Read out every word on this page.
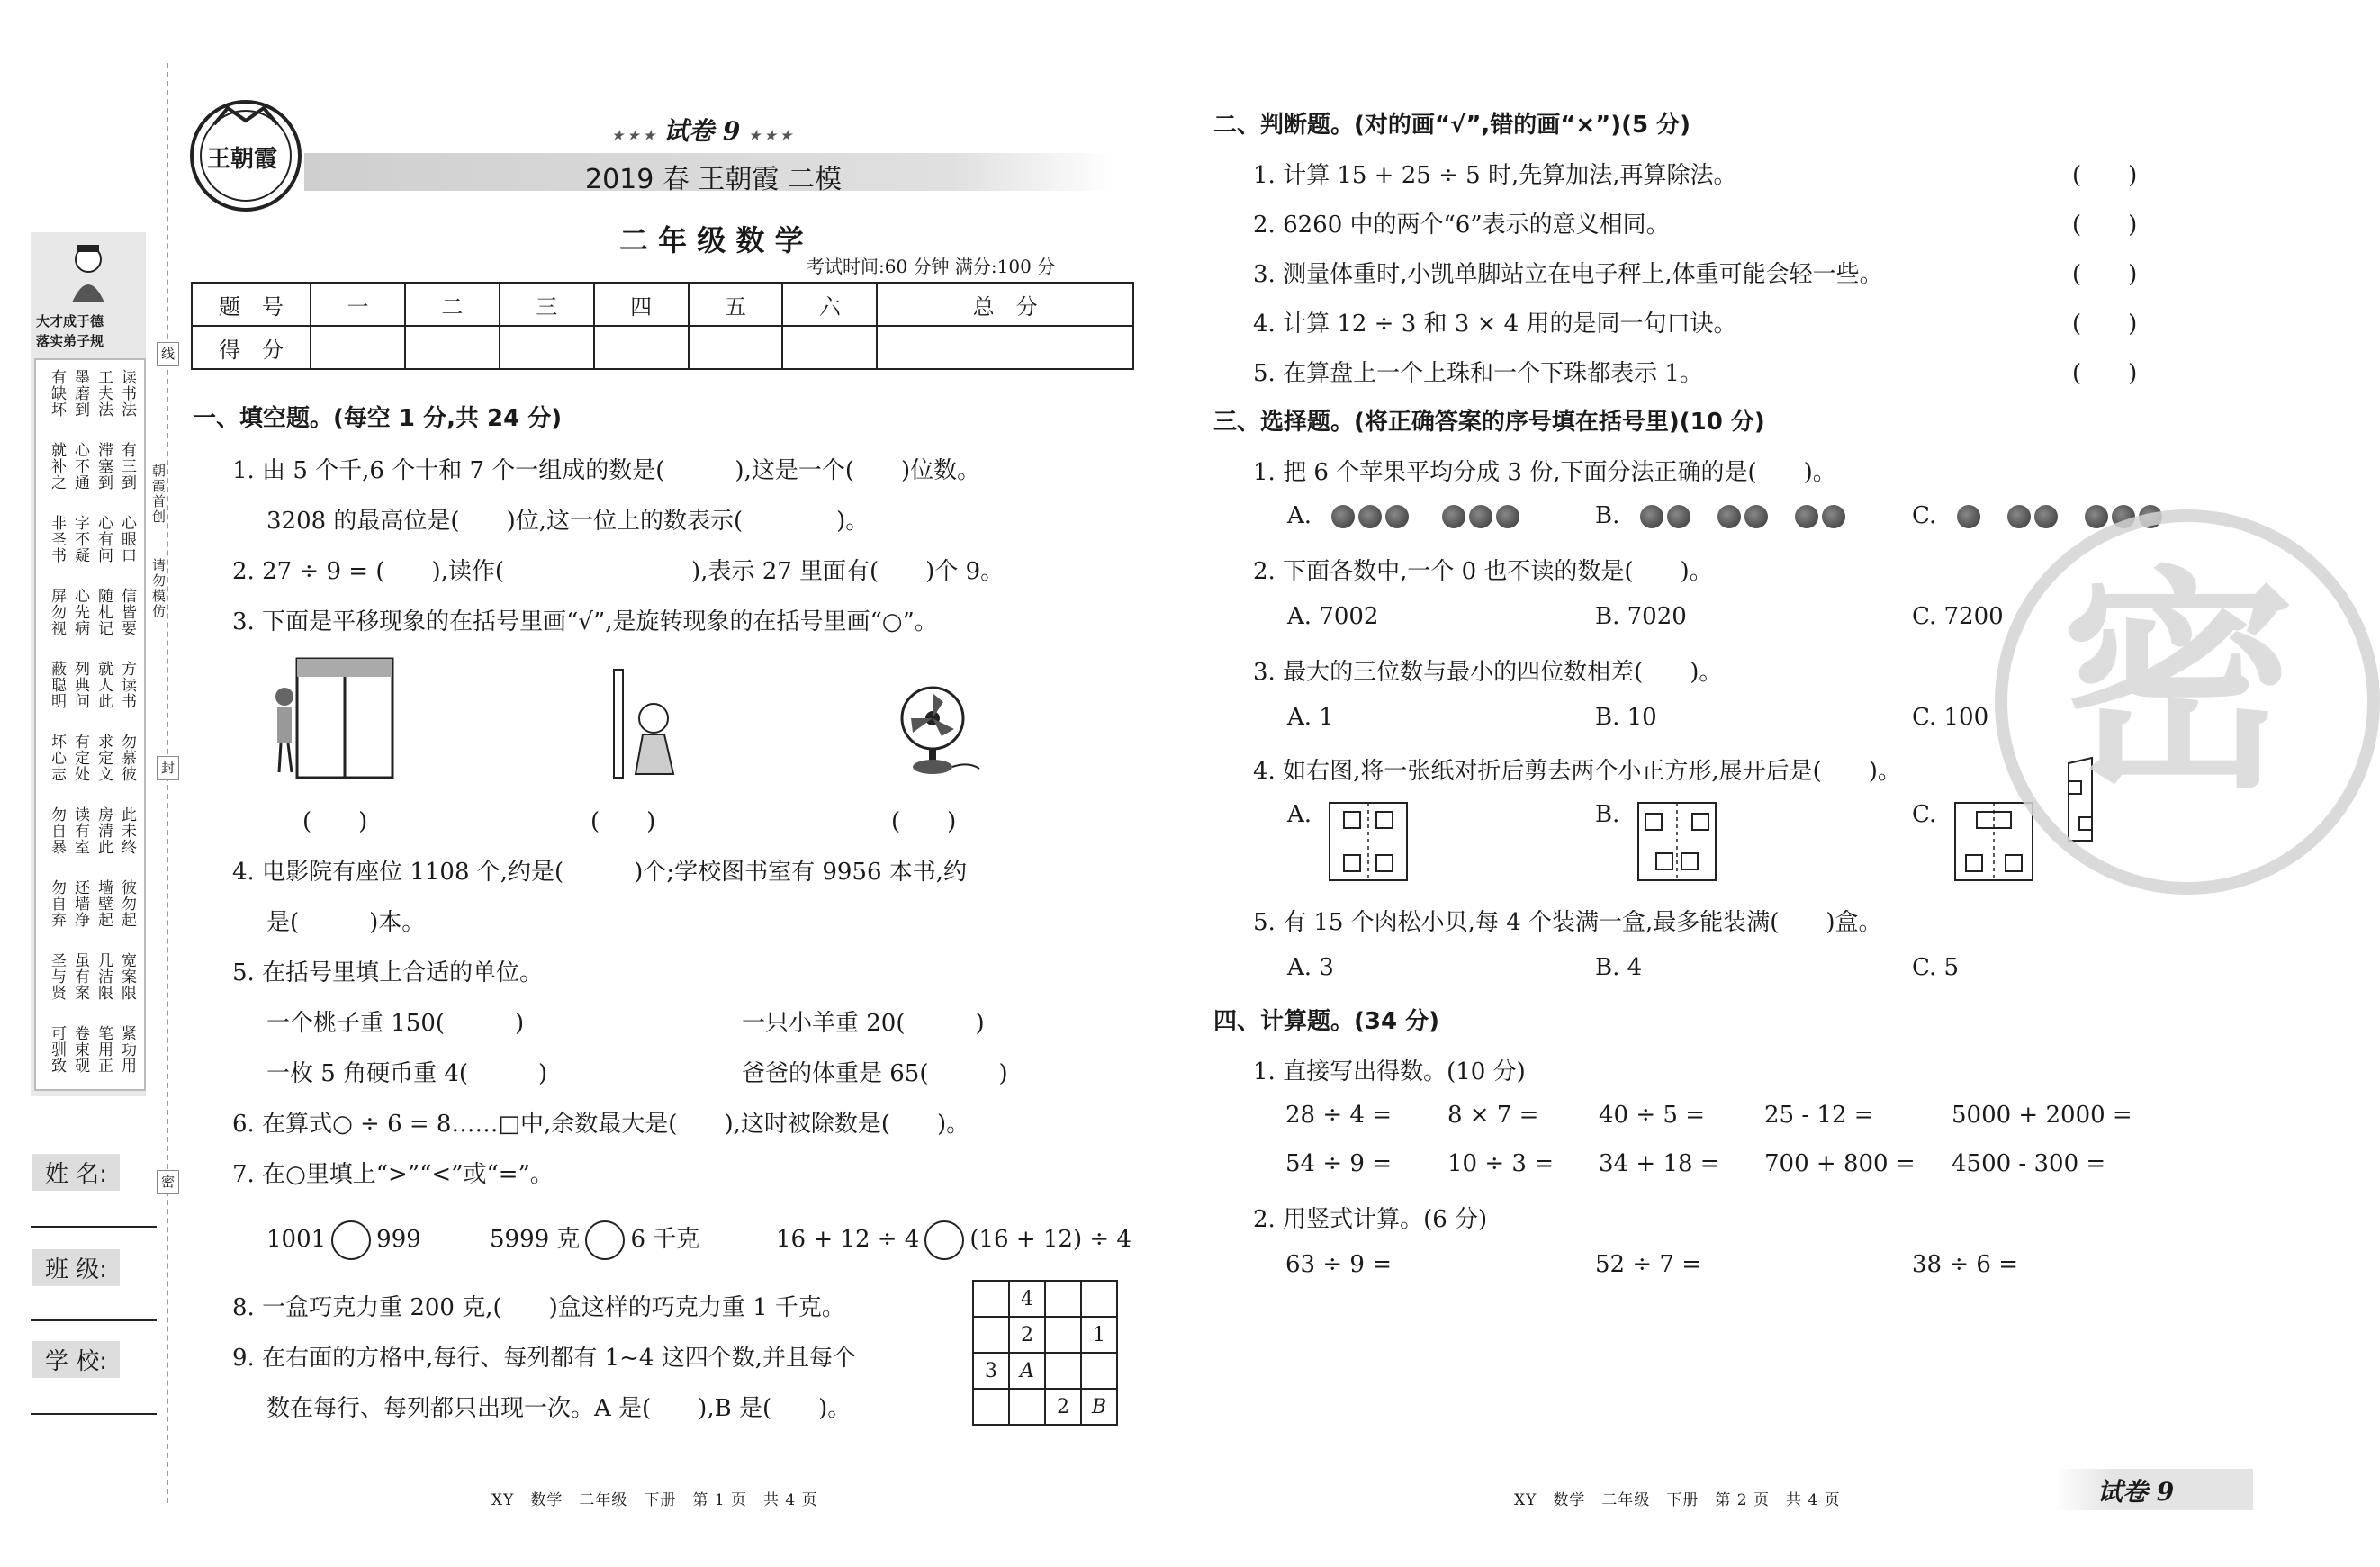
大才成于德
落实弟子规
有缺坏 墨磨到 工夫法 读书法
就补之 心不通 滞塞到 有三到
非圣书 字不疑 心有问 心眼口
屏勿视 心先病 随札记 信皆要
蔽聪明 列典问 就人此 方读书
坏心志 有定处 求定文 勿慕彼
勿自暴 读有室 房清此 此未终
勿自弃 还墙净 墙壁起 彼勿起
圣与贤 虽有案 几洁限 宽案限
可驯致 卷束砚 笔用正 紧功用
姓 名:
班 级:
学 校:
线
封
密
朝霞首创
请勿模仿
王朝霞
★ ★ ★ 试卷 9 ★ ★ ★
2019 春 王朝霞 二模
二 年 级 数 学
考试时间:60 分钟 满分:100 分
题　号	一	二	三	四	五	六	总　分
得　分							
一、填空题。(每空 1 分,共 24 分)
1. 由 5 个千,6 个十和 7 个一组成的数是(　　　),这是一个(　　)位数。
3208 的最高位是(　　)位,这一位上的数表示(　　　　)。
2. 27 ÷ 9 = (　　),读作(　　　　　　　　),表示 27 里面有(　　)个 9。
3. 下面是平移现象的在括号里画“√”,是旋转现象的在括号里画“○”。
(　　)	(　　)	(　　)
4. 电影院有座位 1108 个,约是(　　　)个;学校图书室有 9956 本书,约
是(　　　)本。
5. 在括号里填上合适的单位。
一个桃子重 150(　　　)	一只小羊重 20(　　　)
一枚 5 角硬币重 4(　　　)	爸爸的体重是 65(　　　)
6. 在算式○ ÷ 6 = 8……□中,余数最大是(　　),这时被除数是(　　)。
7. 在○里填上“>”“<”或“=”。
1001 999	5999 克 6 千克	16 + 12 ÷ 4 (16 + 12) ÷ 4
8. 一盒巧克力重 200 克,(　　)盒这样的巧克力重 1 千克。
9. 在右面的方格中,每行、每列都有 1~4 这四个数,并且每个
数在每行、每列都只出现一次。A 是(　　),B 是(　　)。
	4		
	2		1
3	A		
		2	B
XY　数学　二年级　下册　第 1 页　共 4 页
二、判断题。(对的画“√”,错的画“×”)(5 分)
1. 计算 15 + 25 ÷ 5 时,先算加法,再算除法。	(　　)
2. 6260 中的两个“6”表示的意义相同。	(　　)
3. 测量体重时,小凯单脚站立在电子秤上,体重可能会轻一些。	(　　)
4. 计算 12 ÷ 3 和 3 × 4 用的是同一句口诀。	(　　)
5. 在算盘上一个上珠和一个下珠都表示 1。	(　　)
三、选择题。(将正确答案的序号填在括号里)(10 分)
1. 把 6 个苹果平均分成 3 份,下面分法正确的是(　　)。
A.	B.	C.
2. 下面各数中,一个 0 也不读的数是(　　)。
A. 7002	B. 7020	C. 7200
3. 最大的三位数与最小的四位数相差(　　)。
A. 1	B. 10	C. 100
4. 如右图,将一张纸对折后剪去两个小正方形,展开后是(　　)。
A.	B.	C.
5. 有 15 个肉松小贝,每 4 个装满一盒,最多能装满(　　)盒。
A. 3	B. 4	C. 5
四、计算题。(34 分)
1. 直接写出得数。(10 分)
28 ÷ 4 = 8 × 7 =	40 ÷ 5 =	25 - 12 =	5000 + 2000 =
54 ÷ 9 = 10 ÷ 3 = 34 + 18 = 700 + 800 = 4500 - 300 =
63 ÷ 9 =	52 ÷ 7 =	38 ÷ 6 =
2. 用竖式计算。(6 分)
密
XY　数学　二年级　下册　第 2 页　共 4 页	试卷 9
